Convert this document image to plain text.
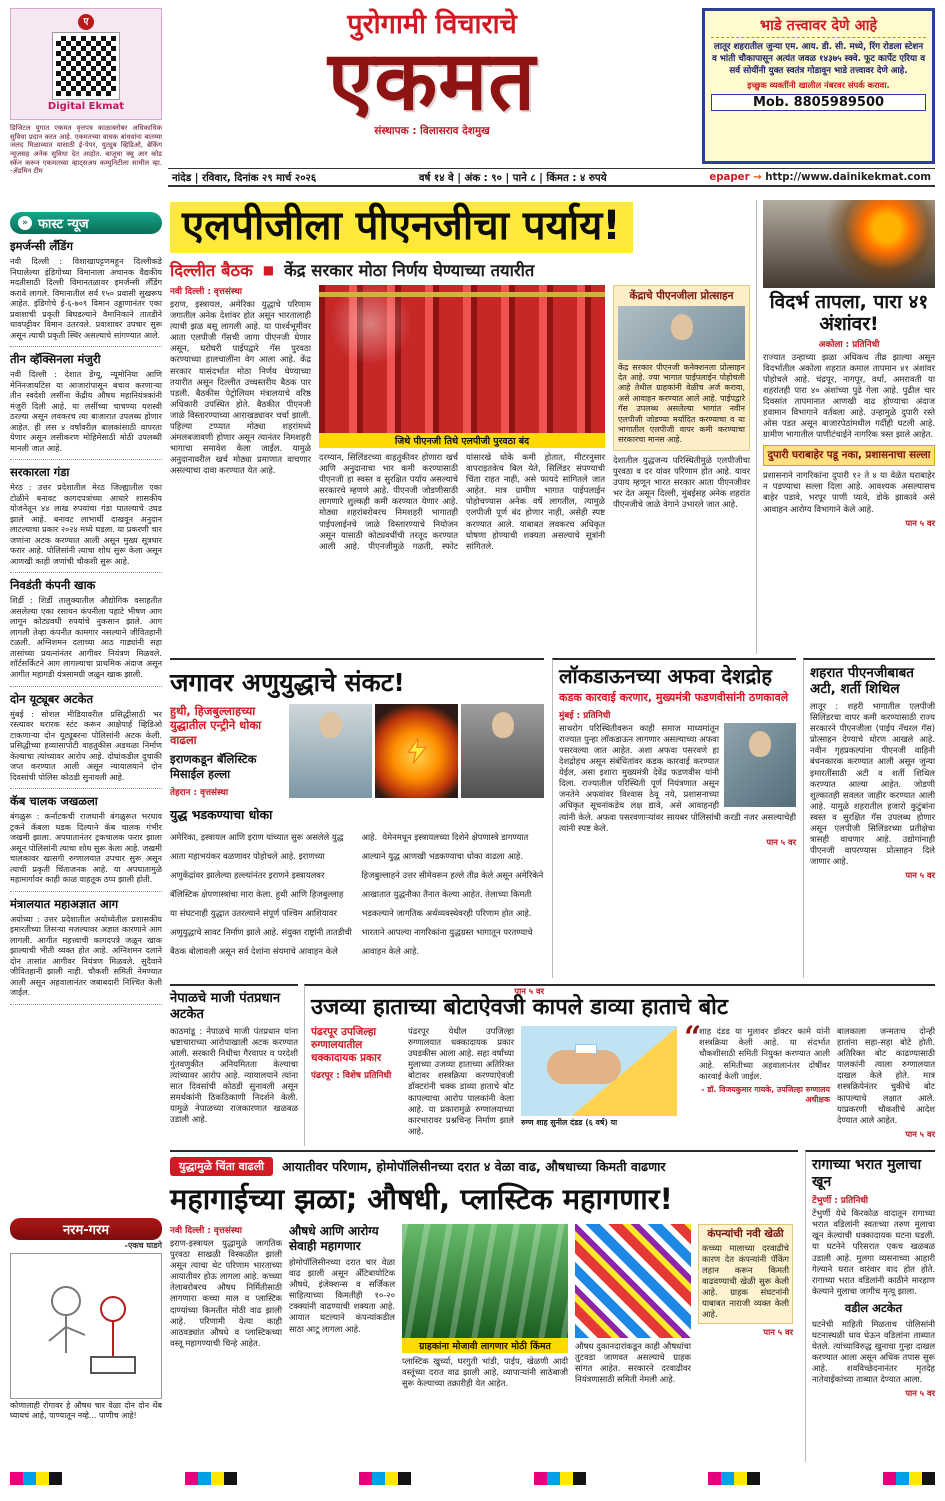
ए
Digital Ekmat
डिजिटल युगात एकमत वृत्तपत्र काळाबरोबर अधिकाधिक सुविधा प्रदान करत आहे. एकमतच्या वाचक बांधवांना बातम्या जलद मिळाव्यात यासाठी ई-पेपर, युट्युब व्हिडिओ, ब्रेकिंग न्यूजसह अनेक सुविधा देत आहोत. बाजूचा क्यू आर कोड स्कॅन करून एकमतच्या व्हाट्सअप कम्युनिटीला सामील व्हा. -ॲडमिन टीम
पुरोगामी विचाराचे
एकमत
संस्थापक : विलासराव देशमुख
भाडे तत्त्वावर देणे आहे
लातूर शहरातील जुन्या एम. आय. डी. सी. मध्ये, रिंग रोडला स्टेशन व भांती चौकापासून अत्यंत जवळ १४३७५ स्क्वे. फूट कार्पेट एरिया व सर्व सोयींनी युक्त स्वतंत्र गोडावून भाडे तत्त्वावर देणे आहे.
इच्छुक व्यक्तींनी खालील नंबरवर संपर्क करावा.
Mob. 8805989500
नांदेड | रविवार, दिनांक २९ मार्च २०२६	वर्ष १४ वे | अंक : ९० | पाने ८ | किंमत : ४ रुपये	epaper → http://www.dainikekmat.com
» फास्ट न्यूज
इमर्जन्सी लँडिंग
नवी दिल्ली : विशाखापट्टणमहून दिल्लीकडे निघालेल्या इंडिगोच्या विमानाला अचानक वैद्यकीय मदतीसाठी दिल्ली विमानतळावर इमर्जन्सी लँडिंग करावे लागले. विमानातील सर्व १५० प्रवासी सुखरूप आहेत. इंडिगोचे ई-६-७०९ विमान उड्डाणानंतर एका प्रवाशाची प्रकृती बिघडल्याने वैमानिकाने तातडीने धावपट्टीवर विमान उतरवले. प्रवाशावर उपचार सुरू असून त्याची प्रकृती स्थिर असल्याचे सांगण्यात आले.
तीन व्हॅक्सिनला मंजुरी
नवी दिल्ली : देशात डेंग्यू, न्यूमोनिया आणि मेनिनजायटिस या आजारांपासून बचाव करणाऱ्या तीन स्वदेशी लसींना केंद्रीय औषध महानियंत्रकांनी मंजुरी दिली आहे. या लसींच्या चाचण्या यशस्वी ठरल्या असून लवकरच त्या बाजारात उपलब्ध होणार आहेत. ही लस ४ वर्षांवरील बालकांसाठी वापरता येणार असून लसीकरण मोहिमेसाठी मोठी उपलब्धी मानली जात आहे.
सरकारला गंडा
मेरठ : उत्तर प्रदेशातील मेरठ जिल्ह्यातील एका टोळीने बनावट कागदपत्रांच्या आधारे शासकीय योजनेतून ४४ लाख रुपयांचा गंडा घातल्याचे उघड झाले आहे. बनावट लाभार्थी दाखवून अनुदान लाटल्याचा प्रकार २०२४ मध्ये घडला. या प्रकरणी चार जणांना अटक करण्यात आली असून मुख्य सूत्रधार फरार आहे. पोलिसांनी त्याचा शोध सुरू केला असून आणखी काही जणांची चौकशी सुरू आहे.
निवडंती कंपनी खाक
शिर्डी : शिर्डी तालुक्यातील औद्योगिक वसाहतीत असलेल्या एका रसायन कंपनीला पहाटे भीषण आग लागून कोट्यवधी रुपयांचे नुकसान झाले. आग लागली तेव्हा कंपनीत कामगार नसल्याने जीवितहानी टळली. अग्निशमन दलाच्या आठ गाड्यांनी सहा तासांच्या प्रयत्नांनंतर आगीवर नियंत्रण मिळवले. शॉर्टसर्किटने आग लागल्याचा प्राथमिक अंदाज असून आगीत महागडी यंत्रसामग्री जळून खाक झाली.
दोन यूट्यूबर अटकेत
मुंबई : सोशल मीडियावरील प्रसिद्धीसाठी भर रस्त्यावर थरारक स्टंट करून आक्षेपार्ह व्हिडिओ टाकणाऱ्या दोन यूट्यूबरना पोलिसांनी अटक केली. प्रसिद्धीच्या हव्यासापोटी वाहतुकीस अडथळा निर्माण केल्याचा त्यांच्यावर आरोप आहे. दोघांकडील दुचाकी जप्त करण्यात आली असून न्यायालयाने दोन दिवसांची पोलिस कोठडी सुनावली आहे.
कॅब चालक जखळला
बंगळुरू : कर्नाटकची राजधानी बंगळुरूत भरधाव ट्रकने कॅबला धडक दिल्याने कॅब चालक गंभीर जखमी झाला. अपघातानंतर ट्रकचालक फरार झाला असून पोलिसांनी त्याचा शोध सुरू केला आहे. जखमी चालकावर खासगी रुग्णालयात उपचार सुरू असून त्याची प्रकृती चिंताजनक आहे. या अपघातामुळे महामार्गावर काही काळ वाहतूक ठप्प झाली होती.
मंत्रालयात महाअज्ञात आग
अयोध्या : उत्तर प्रदेशातील अयोध्येतील प्रशासकीय इमारतीच्या तिसऱ्या मजल्यावर अज्ञात कारणाने आग लागली. आगीत महत्त्वाची कागदपत्रे जळून खाक झाल्याची भीती व्यक्त होत आहे. अग्निशमन दलाने दोन तासांत आगीवर नियंत्रण मिळवले. सुदैवाने जीवितहानी झाली नाही. चौकशी समिती नेमण्यात आली असून अहवालानंतर जबाबदारी निश्चित केली जाईल.
नरम-गरम
-एकच घाडगे
कोणालाही रोगावर हे औषध चार वेळा दोन दोन थेंब घ्यायचं आहे, पाण्यातून नव्हे... पाणीच आहे!
एलपीजीला पीएनजीचा पर्याय!
दिल्लीत बैठक ■ केंद्र सरकार मोठा निर्णय घेण्याच्या तयारीत
नवी दिल्ली : वृत्तसंस्था
इराण, इस्त्रायल, अमेरिका युद्धाचे परिणाम जगातील अनेक देशांवर होत असून भारतालाही त्याची झळ बसू लागली आहे. या पार्श्वभूमीवर आता एलपीजी गॅसची जागा पीएनजी घेणार असून, घरोघरी पाईपद्वारे गॅस पुरवठा करण्याच्या हालचालींना वेग आला आहे. केंद्र सरकार यासंदर्भात मोठा निर्णय घेण्याच्या तयारीत असून दिल्लीत उच्चस्तरीय बैठक पार पडली. बैठकीस पेट्रोलियम मंत्रालयाचे वरिष्ठ अधिकारी उपस्थित होते. बैठकीत पीएनजी जाळे विस्तारण्याच्या आराखड्यावर चर्चा झाली. पहिल्या टप्प्यात मोठ्या शहरांमध्ये अंमलबजावणी होणार असून त्यानंतर निमशहरी भागाचा समावेश केला जाईल. यामुळे अनुदानावरील खर्च मोठ्या प्रमाणात वाचणार असल्याचा दावा करण्यात येत आहे.
जिथे पीएनजी तिथे एलपीजी पुरवठा बंद
दरम्यान, सिलिंडरच्या वाहतुकीवर होणारा खर्च आणि अनुदानाचा भार कमी करण्यासाठी पीएनजी हा स्वस्त व सुरक्षित पर्याय असल्याचे सरकारचे म्हणणे आहे. पीएनजी जोडणीसाठी लागणारे शुल्कही कमी करण्यात येणार आहे. मोठ्या शहरांबरोबरच निमशहरी भागातही पाईपलाईनचे जाळे विस्तारण्याचे नियोजन असून यासाठी कोट्यवधींची तरतूद करण्यात आली आहे. पीएनजीमुळे गळती, स्फोट यांसारखे धोके कमी होतात, मीटरनुसार वापराइतकेच बिल येते, सिलिंडर संपण्याची चिंता राहत नाही, असे फायदे सांगितले जात आहेत. मात्र ग्रामीण भागात पाईपलाईन पोहोचण्यास अनेक वर्षे लागतील, त्यामुळे एलपीजी पूर्ण बंद होणार नाही, असेही स्पष्ट करण्यात आले. याबाबत लवकरच अधिकृत घोषणा होण्याची शक्यता असल्याचे सूत्रांनी सांगितले.
केंद्राचे पीएनजीला प्रोत्साहन
केंद्र सरकार पीएनजी कनेक्शनला प्रोत्साहन देत आहे. ज्या भागात पाईपलाईन पोहोचली आहे तेथील ग्राहकांनी वेळीच अर्ज करावा, असे आवाहन करण्यात आले आहे. पाईपद्वारे गॅस उपलब्ध असलेल्या भागांत नवीन एलपीजी जोडण्या मर्यादित करण्याचा व या भागातील एलपीजी वापर कमी करण्याचा सरकारचा मानस आहे.
देशातील युद्धजन्य परिस्थितीमुळे एलपीजीचा पुरवठा व दर यांवर परिणाम होत आहे. यावर उपाय म्हणून भारत सरकार आता पीएनजीवर भर देत असून दिल्ली, मुंबईसह अनेक शहरांत पीएनजीचे जाळे वेगाने उभारले जात आहे.
विदर्भ तापला, पारा ४१ अंशांवर!
अकोला : प्रतिनिधी
राज्यात उन्हाच्या झळा अधिकच तीव्र झाल्या असून विदर्भातील अकोला शहरात कमाल तापमान ४१ अंशांवर पोहोचले आहे. चंद्रपूर, नागपूर, वर्धा, अमरावती या शहरांतही पारा ४० अंशांच्या पुढे गेला आहे. पुढील चार दिवसांत तापमानात आणखी वाढ होण्याचा अंदाज हवामान विभागाने वर्तवला आहे. उन्हामुळे दुपारी रस्ते ओस पडत असून बाजारपेठांमधील गर्दीही घटली आहे. ग्रामीण भागातील पाणीटंचाईने नागरिक त्रस्त झाले आहेत.
दुपारी घराबाहेर पडू नका, प्रशासनाचा सल्ला
प्रशासनाने नागरिकांना दुपारी १२ ते ४ या वेळेत घराबाहेर न पडण्याचा सल्ला दिला आहे. आवश्यक असल्यासच बाहेर पडावे, भरपूर पाणी प्यावे, डोके झाकावे असे आवाहन आरोग्य विभागाने केले आहे.
पान ५ वर
जगावर अणुयुद्धाचे संकट!
हुथी, हिजबुल्लाहच्या युद्धातील एन्ट्रीने धोका वाढला
इराणकडून बॅलिस्टिक मिसाईल हल्ला
तेहरान : वृत्तसंस्था
युद्ध भडकण्याचा धोका
अमेरिका, इस्त्रायल आणि इराण यांच्यात सुरू असलेले युद्ध आता महाभयंकर वळणावर पोहोचले आहे. इराणच्या अणुकेंद्रांवर झालेल्या हल्ल्यांनंतर इराणने इस्त्रायलवर बॅलिस्टिक क्षेपणास्त्रांचा मारा केला. हुथी आणि हिजबुल्लाह या संघटनाही युद्धात उतरल्याने संपूर्ण पश्चिम आशियावर अणुयुद्धाचे सावट निर्माण झाले आहे. संयुक्त राष्ट्रांनी तातडीची बैठक बोलावली असून सर्व देशांना संयमाचे आवाहन केले आहे. येमेनमधून इस्त्रायलच्या दिशेने क्षेपणास्त्रे डागण्यात आल्याने युद्ध आणखी भडकण्याचा धोका वाढला आहे. हिजबुल्लाहने उत्तर सीमेवरून हल्ले तीव्र केले असून अमेरिकेने आखातात युद्धनौका तैनात केल्या आहेत. तेलाच्या किमती भडकल्याने जागतिक अर्थव्यवस्थेवरही परिणाम होत आहे. भारताने आपल्या नागरिकांना युद्धग्रस्त भागातून परतण्याचे आवाहन केले आहे.
पान ५ वर
लॉकडाऊनच्या अफवा देशद्रोह
कडक कारवाई करणार, मुख्यमंत्री फडणवीसांनी ठणकावले
मुंबई : प्रतिनिधी
साथरोग परिस्थितीवरून काही समाज माध्यमांतून राज्यात पुन्हा लॉकडाऊन लागणार असल्याच्या अफवा पसरवल्या जात आहेत. अशा अफवा पसरवणे हा देशद्रोहच असून संबंधितांवर कडक कारवाई करण्यात येईल, असा इशारा मुख्यमंत्री देवेंद्र फडणवीस यांनी दिला. राज्यातील परिस्थिती पूर्ण नियंत्रणात असून जनतेने अफवांवर विश्वास ठेवू नये, प्रशासनाच्या अधिकृत सूचनांकडेच लक्ष द्यावे, असे आवाहनही त्यांनी केले. अफवा पसरवणाऱ्यांवर सायबर पोलिसांची करडी नजर असल्याचेही त्यांनी स्पष्ट केले.
पान ५ वर
शहरात पीएनजीबाबत अटी, शर्ती शिथिल
लातूर : शहरी भागातील एलपीजी सिलिंडरचा वापर कमी करण्यासाठी राज्य सरकारने पीएनजीला (पाईप नॅचरल गॅस) प्रोत्साहन देण्याचे धोरण आखले आहे. नवीन गृहप्रकल्पांना पीएनजी वाहिनी बंधनकारक करण्यात आली असून जुन्या इमारतींसाठी अटी व शर्ती शिथिल करण्यात आल्या आहेत. जोडणी शुल्कातही सवलत जाहीर करण्यात आली आहे. यामुळे शहरातील हजारो कुटुंबांना स्वस्त व सुरक्षित गॅस उपलब्ध होणार असून एलपीजी सिलिंडरच्या प्रतीक्षेचा त्रासही वाचणार आहे. उद्योगांनाही पीएनजी वापरण्यास प्रोत्साहन दिले जाणार आहे.
पान ५ वर
नेपाळचे माजी पंतप्रधान अटकेत
काठमांडू : नेपाळचे माजी पंतप्रधान यांना भ्रष्टाचाराच्या आरोपाखाली अटक करण्यात आली. सरकारी निधीचा गैरवापर व परदेशी गुंतवणुकीत अनियमितता केल्याचा त्यांच्यावर आरोप आहे. न्यायालयाने त्यांना सात दिवसांची कोठडी सुनावली असून समर्थकांनी ठिकठिकाणी निदर्शने केली. यामुळे नेपाळच्या राजकारणात खळबळ उडाली आहे.
उजव्या हाताच्या बोटाऐवजी कापले डाव्या हाताचे बोट
पंढरपूर उपजिल्हा रुग्णालयातील धक्कादायक प्रकार
पंढरपूर : विशेष प्रतिनिधी
पंढरपूर येथील उपजिल्हा रुग्णालयात धक्कादायक प्रकार उघडकीस आला आहे. सहा वर्षांच्या मुलाच्या उजव्या हाताच्या अतिरिक्त बोटावर शस्त्रक्रिया करण्याऐवजी डॉक्टरांनी चक्क डाव्या हाताचे बोट कापल्याचा आरोप पालकांनी केला आहे. या प्रकारामुळे रुग्णालयाच्या कारभारावर प्रश्नचिन्ह निर्माण झाले आहे.
रुग्ण शाह सुनील दंडड (६ वर्ष) या
“
शाह दंडड या मुलावर डॉक्टर कामे यांनी शस्त्रक्रिया केली आहे. या संदर्भात चौकशीसाठी समिती नियुक्त करण्यात आली आहे. समितीच्या अहवालानंतर दोषींवर कारवाई केली जाईल.
- डॉ. विजयकुमार गायके, उपजिल्हा रुग्णालय अधीक्षक
बालकाला जन्मतःच दोन्ही हातांना सहा-सहा बोटे होती. अतिरिक्त बोट काढण्यासाठी पालकांनी त्याला रुग्णालयात दाखल केले होते. मात्र शस्त्रक्रियेनंतर चुकीचे बोट कापल्याचे लक्षात आले. याप्रकरणी चौकशीचे आदेश देण्यात आले आहेत.
पान ५ वर
युद्धामुळे चिंता वाढली	आयातीवर परिणाम, होमोपॉलिसीनच्या दरात ४ वेळा वाढ, औषधाच्या किमती वाढणार
महागाईच्या झळा; औषधी, प्लास्टिक महागणार!
नवी दिल्ली : वृत्तसंस्था
इराण-इस्त्रायल युद्धामुळे जागतिक पुरवठा साखळी विस्कळीत झाली असून त्याचा थेट परिणाम भारताच्या आयातीवर होऊ लागला आहे. कच्च्या तेलाबरोबरच औषध निर्मितीसाठी लागणारा कच्चा माल व प्लास्टिक दाण्यांच्या किमतीत मोठी वाढ झाली आहे. परिणामी येत्या काही आठवड्यांत औषधे व प्लास्टिकच्या वस्तू महागण्याची चिन्हे आहेत.
औषधे आणि आरोग्य सेवाही महागणार
होमोपॉलिसीनच्या दरात चार वेळा वाढ झाली असून अँटिबायोटिक औषधे, इंजेक्शन्स व सर्जिकल साहित्याच्या किमतीही १०-२० टक्क्यांनी वाढण्याची शक्यता आहे. आयात घटल्याने कंपन्यांकडील साठा आटू लागला आहे.
ग्राहकांना मोजावी लागणार मोठी किंमत
प्लास्टिक खुर्च्या, घरगुती भांडी, पाईप, खेळणी आदी वस्तूंच्या दरात वाढ झाली आहे. व्यापाऱ्यांनी साठेबाजी सुरू केल्याच्या तक्रारीही येत आहेत.
औषध दुकानदारांकडून काही औषधांचा तुटवडा जाणवत असल्याचे ग्राहक सांगत आहेत. सरकारने दरवाढीवर नियंत्रणासाठी समिती नेमली आहे.
कंपन्यांची नवी खेळी
कच्च्या मालाच्या दरवाढीचे कारण देत कंपन्यांनी पॅकिंग लहान करून किमती वाढवण्याची खेळी सुरू केली आहे. ग्राहक संघटनांनी याबाबत नाराजी व्यक्त केली आहे.
पान ५ वर
रागाच्या भरात मुलाचा खून
टेंभुर्णी : प्रतिनिधी
टेंभुर्णी येथे किरकोळ वादातून रागाच्या भरात वडिलांनी स्वतःच्या तरुण मुलाचा खून केल्याची धक्कादायक घटना घडली. या घटनेने परिसरात एकच खळबळ उडाली आहे. मुलगा व्यसनाच्या आहारी गेल्याने घरात वारंवार वाद होत होते. रागाच्या भरात वडिलांनी काठीने मारहाण केल्याने मुलाचा जागीच मृत्यू झाला.
वडील अटकेत
घटनेची माहिती मिळताच पोलिसांनी घटनास्थळी धाव घेऊन वडिलांना ताब्यात घेतले. त्यांच्याविरुद्ध खुनाचा गुन्हा दाखल करण्यात आला असून अधिक तपास सुरू आहे. शवविच्छेदनानंतर मृतदेह नातेवाईकांच्या ताब्यात देण्यात आला.
पान ५ वर
